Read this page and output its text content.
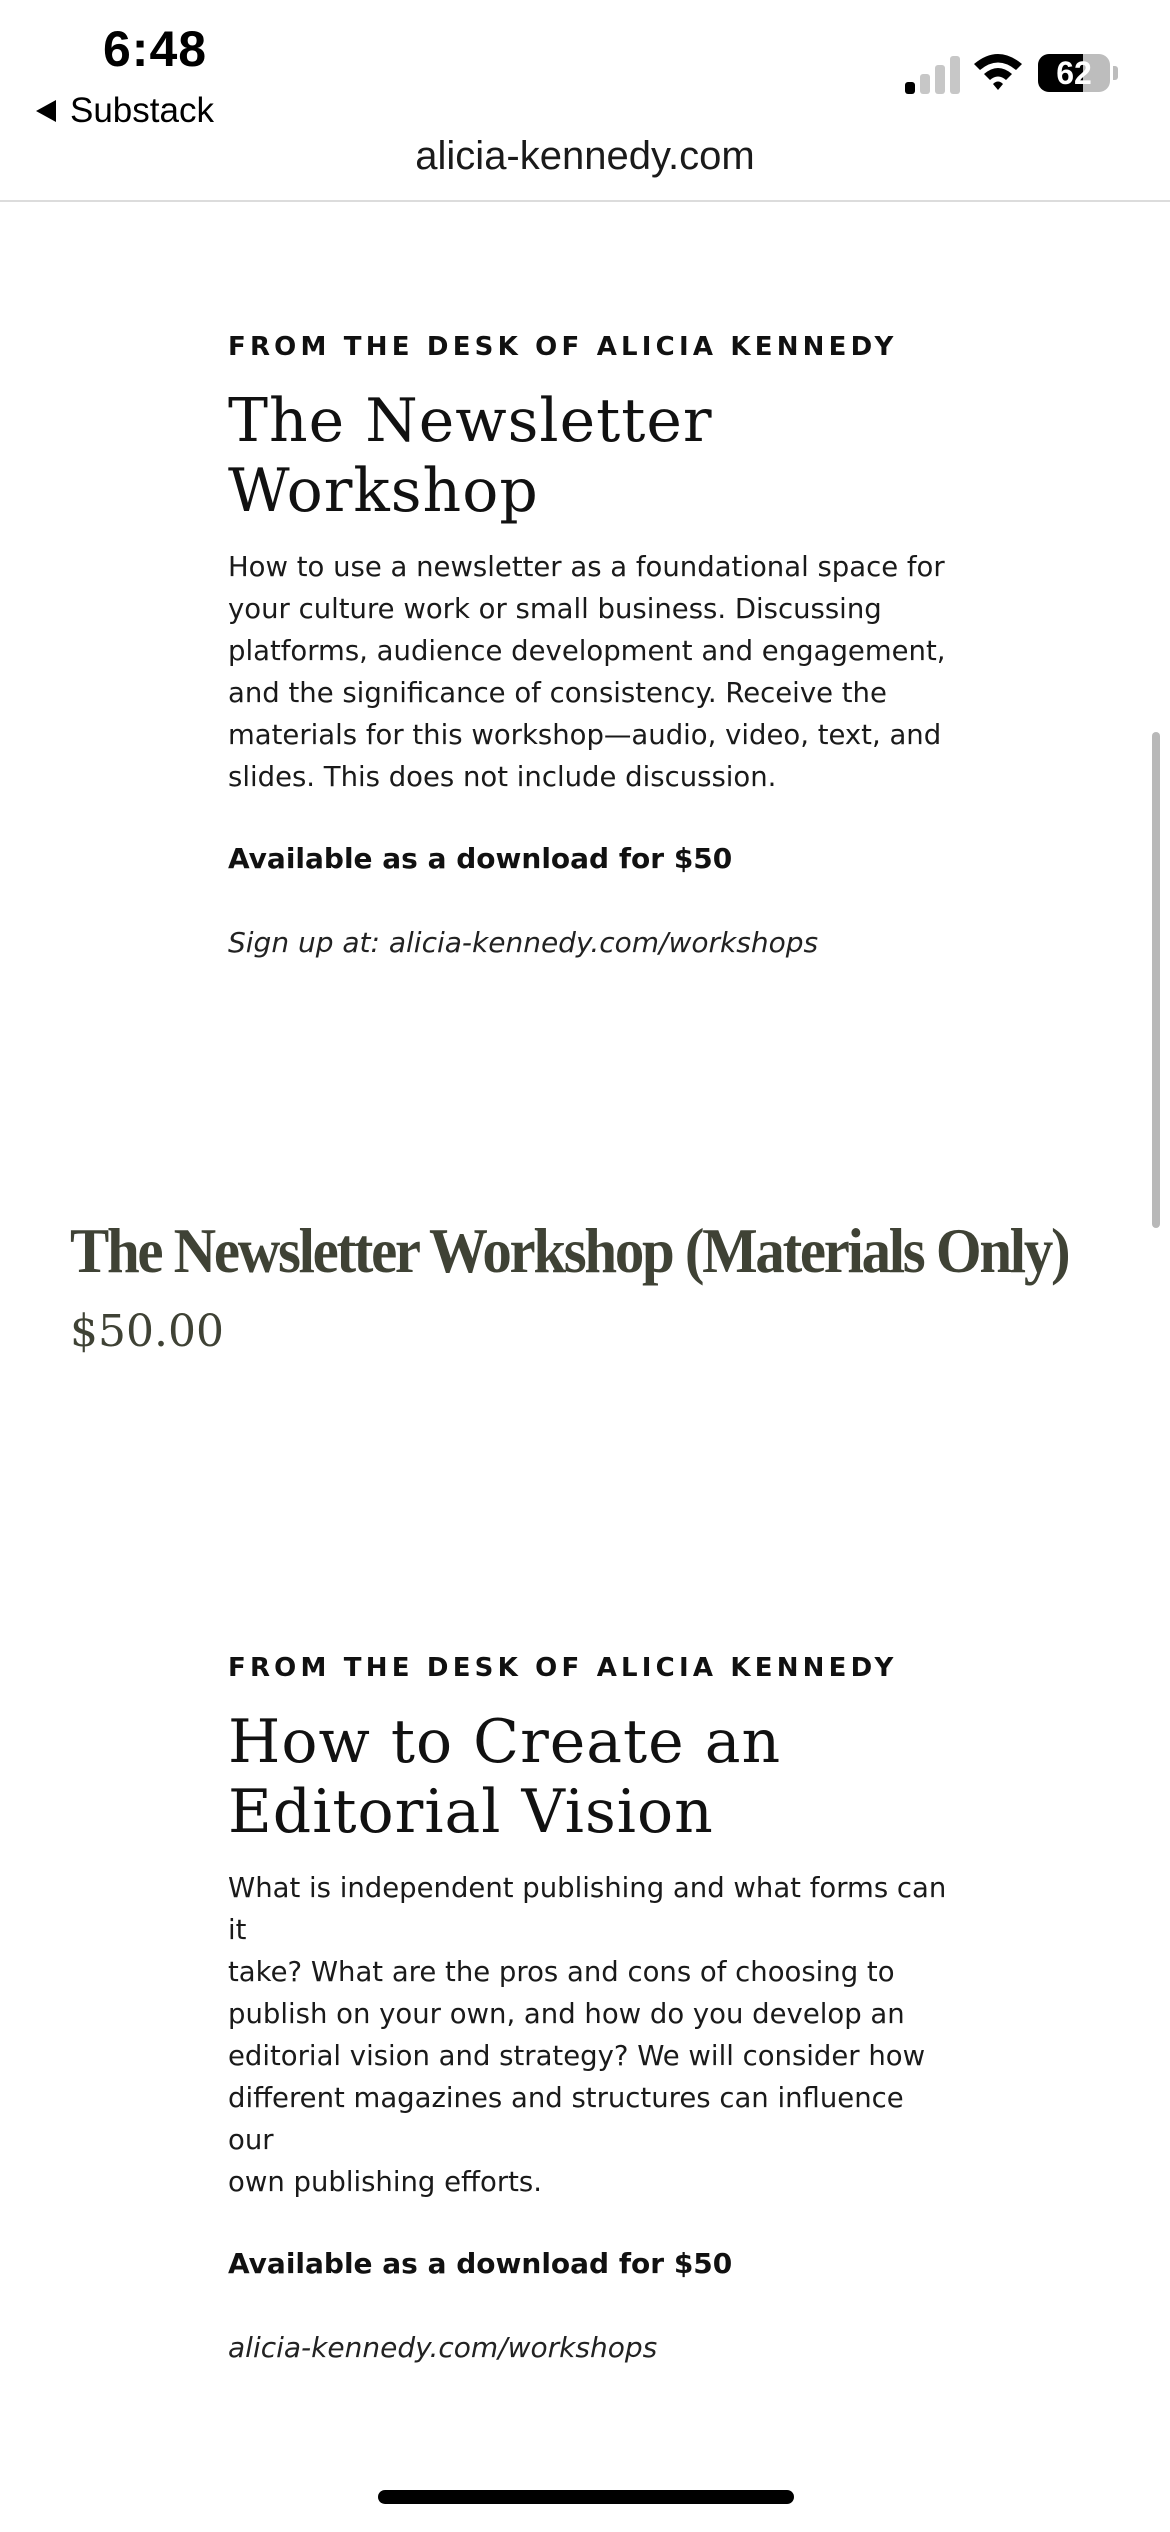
6:48
Substack
62
alicia-kennedy.com

FROM THE DESK OF ALICIA KENNEDY

The Newsletter
Workshop

How to use a newsletter as a foundational space for
your culture work or small business. Discussing
platforms, audience development and engagement,
and the significance of consistency. Receive the
materials for this workshop—audio, video, text, and
slides. This does not include discussion.

Available as a download for $50

Sign up at: alicia-kennedy.com/workshops

The Newsletter Workshop (Materials Only)

$50.00

FROM THE DESK OF ALICIA KENNEDY

How to Create an
Editorial Vision

What is independent publishing and what forms can it
take? What are the pros and cons of choosing to
publish on your own, and how do you develop an
editorial vision and strategy? We will consider how
different magazines and structures can influence our
own publishing efforts.

Available as a download for $50

alicia-kennedy.com/workshops
